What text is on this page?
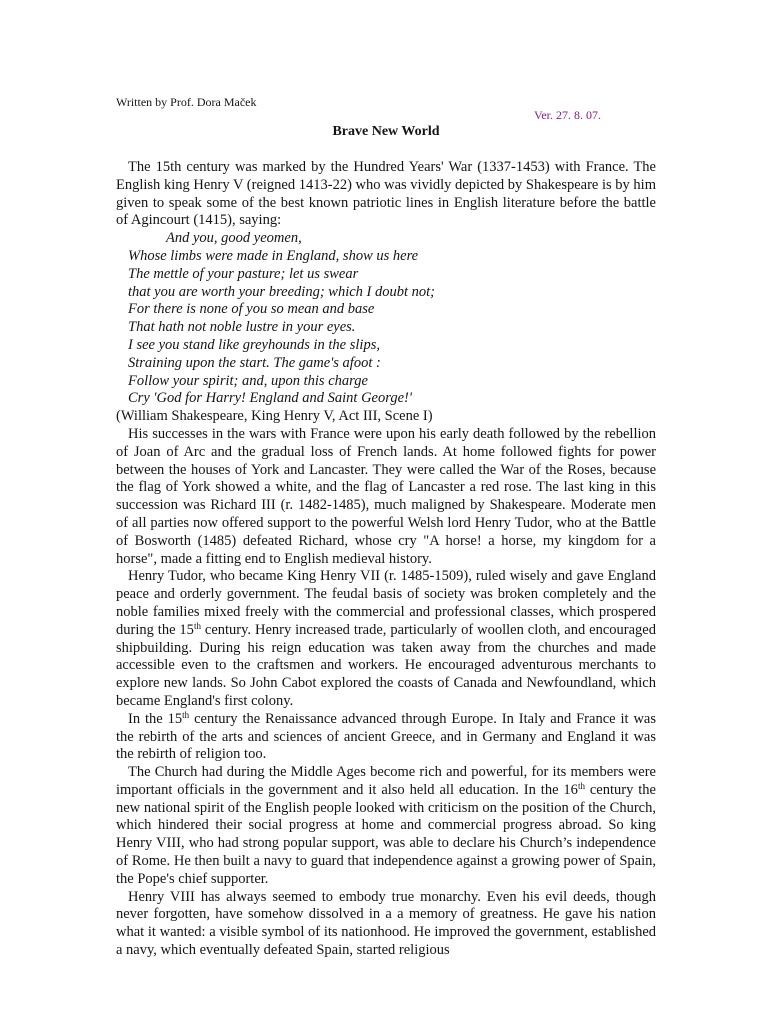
Written by Prof. Dora Maček
Ver. 27. 8. 07.
Brave New World

The 15th century was marked by the Hundred Years' War (1337-1453) with France. The English king Henry V (reigned 1413-22) who was vividly depicted by Shakespeare is by him given to speak some of the best known patriotic lines in English literature before the battle of Agincourt (1415), saying:

And you, good yeomen,
Whose limbs were made in England, show us here
The mettle of your pasture; let us swear
that you are worth your breeding; which I doubt not;
For there is none of you so mean and base
That hath not noble lustre in your eyes.
I see you stand like greyhounds in the slips,
Straining upon the start. The game's afoot :
Follow your spirit; and, upon this charge
Cry 'God for Harry! England and Saint George!'

(William Shakespeare, King Henry V, Act III, Scene I)

His successes in the wars with France were upon his early death followed by the rebellion of Joan of Arc and the gradual loss of French lands. At home followed fights for power between the houses of York and Lancaster. They were called the War of the Roses, because the flag of York showed a white, and the flag of Lancaster a red rose. The last king in this succession was Richard III (r. 1482-1485), much maligned by Shakespeare. Moderate men of all parties now offered support to the powerful Welsh lord Henry Tudor, who at the Battle of Bosworth (1485) defeated Richard, whose cry "A horse! a horse, my kingdom for a horse", made a fitting end to English medieval history.

Henry Tudor, who became King Henry VII (r. 1485-1509), ruled wisely and gave England peace and orderly government. The feudal basis of society was broken completely and the noble families mixed freely with the commercial and professional classes, which prospered during the 15th century. Henry increased trade, particularly of woollen cloth, and encouraged shipbuilding. During his reign education was taken away from the churches and made accessible even to the craftsmen and workers. He encouraged adventurous merchants to explore new lands. So John Cabot explored the coasts of Canada and Newfoundland, which became England's first colony.

In the 15th century the Renaissance advanced through Europe. In Italy and France it was the rebirth of the arts and sciences of ancient Greece, and in Germany and England it was the rebirth of religion too.

The Church had during the Middle Ages become rich and powerful, for its members were important officials in the government and it also held all education. In the 16th century the new national spirit of the English people looked with criticism on the position of the Church, which hindered their social progress at home and commercial progress abroad. So king Henry VIII, who had strong popular support, was able to declare his Church’s independence of Rome. He then built a navy to guard that independence against a growing power of Spain, the Pope's chief supporter.

Henry VIII has always seemed to embody true monarchy. Even his evil deeds, though never forgotten, have somehow dissolved in a a memory of greatness. He gave his nation what it wanted: a visible symbol of its nationhood. He improved the government, established a navy, which eventually defeated Spain, started religious
